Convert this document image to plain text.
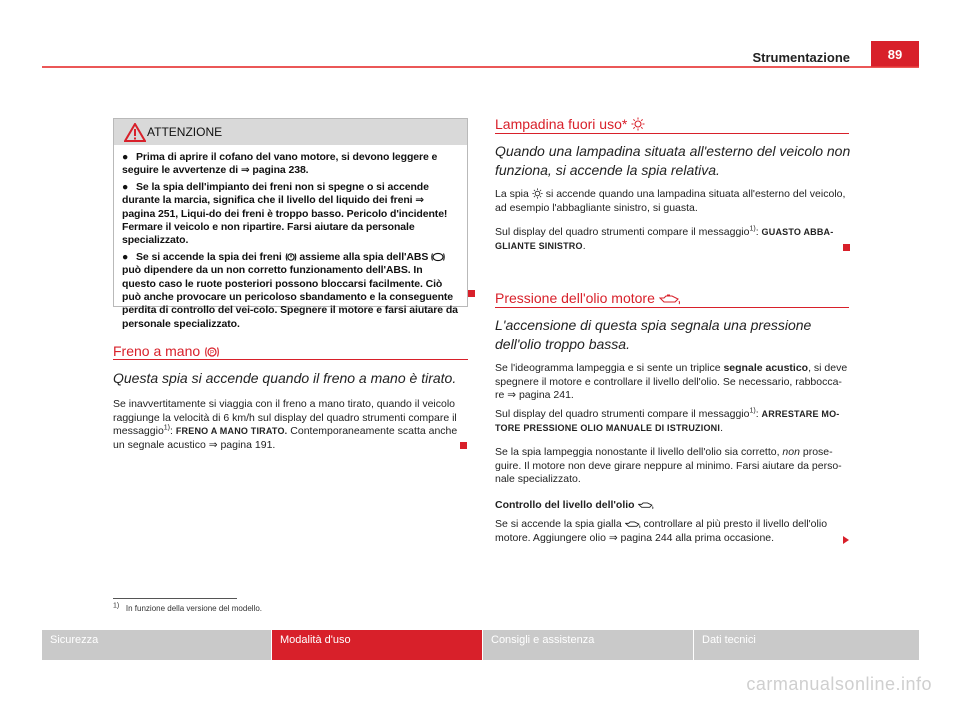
Strumentazione	89
ATTENZIONE
● Prima di aprire il cofano del vano motore, si devono leggere e seguire le avvertenze di ⇒ pagina 238.
● Se la spia dell'impianto dei freni non si spegne o si accende durante la marcia, significa che il livello del liquido dei freni ⇒ pagina 251, Liqui-do dei freni è troppo basso. Pericolo d'incidente! Fermare il veicolo e non ripartire. Farsi aiutare da personale specializzato.
● Se si accende la spia dei freni assieme alla spia dell'ABS  può dipendere da un non corretto funzionamento dell'ABS. In questo caso le ruote posteriori possono bloccarsi facilmente. Ciò può anche provocare un pericoloso sbandamento e la conseguente perdita di controllo del vei-colo. Spegnere il motore e farsi aiutare da personale specializzato.
Freno a mano P
Questa spia si accende quando il freno a mano è tirato.
Se inavvertitamente si viaggia con il freno a mano tirato, quando il veicolo raggiunge la velocità di 6 km/h sul display del quadro strumenti compare il messaggio$^{1)}$: FRENO A MANO TIRATO. Contemporaneamente scatta anche un segnale acustico ⇒ pagina 191.
Lampadina fuori uso*
Quando una lampadina situata all'esterno del veicolo non funziona, si accende la spia relativa.
La spia si accende quando una lampadina situata all'esterno del veicolo, ad esempio l'abbagliante sinistro, si guasta.
Sul display del quadro strumenti compare il messaggio$^{1)}$: GUASTO ABBA-GLIANTE SINISTRO.
Pressione dell'olio motore
L'accensione di questa spia segnala una pressione dell'olio troppo bassa.
Se l'ideogramma lampeggia e si sente un triplice segnale acustico, si deve spegnere il motore e controllare il livello dell'olio. Se necessario, rabbocca-re ⇒ pagina 241.
Sul display del quadro strumenti compare il messaggio$^{1)}$: ARRESTARE MO-TORE PRESSIONE OLIO MANUALE DI ISTRUZIONI.
Se la spia lampeggia nonostante il livello dell'olio sia corretto, non prose-guire. Il motore non deve girare neppure al minimo. Farsi aiutare da perso-nale specializzato.
Controllo del livello dell'olio
Se si accende la spia gialla controllare al più presto il livello dell'olio motore. Aggiungere olio ⇒ pagina 244 alla prima occasione.
$^{1)}$ In funzione della versione del modello.
Sicurezza	Modalità d'uso	Consigli e assistenza	Dati tecnici
carmanualsonline.info
